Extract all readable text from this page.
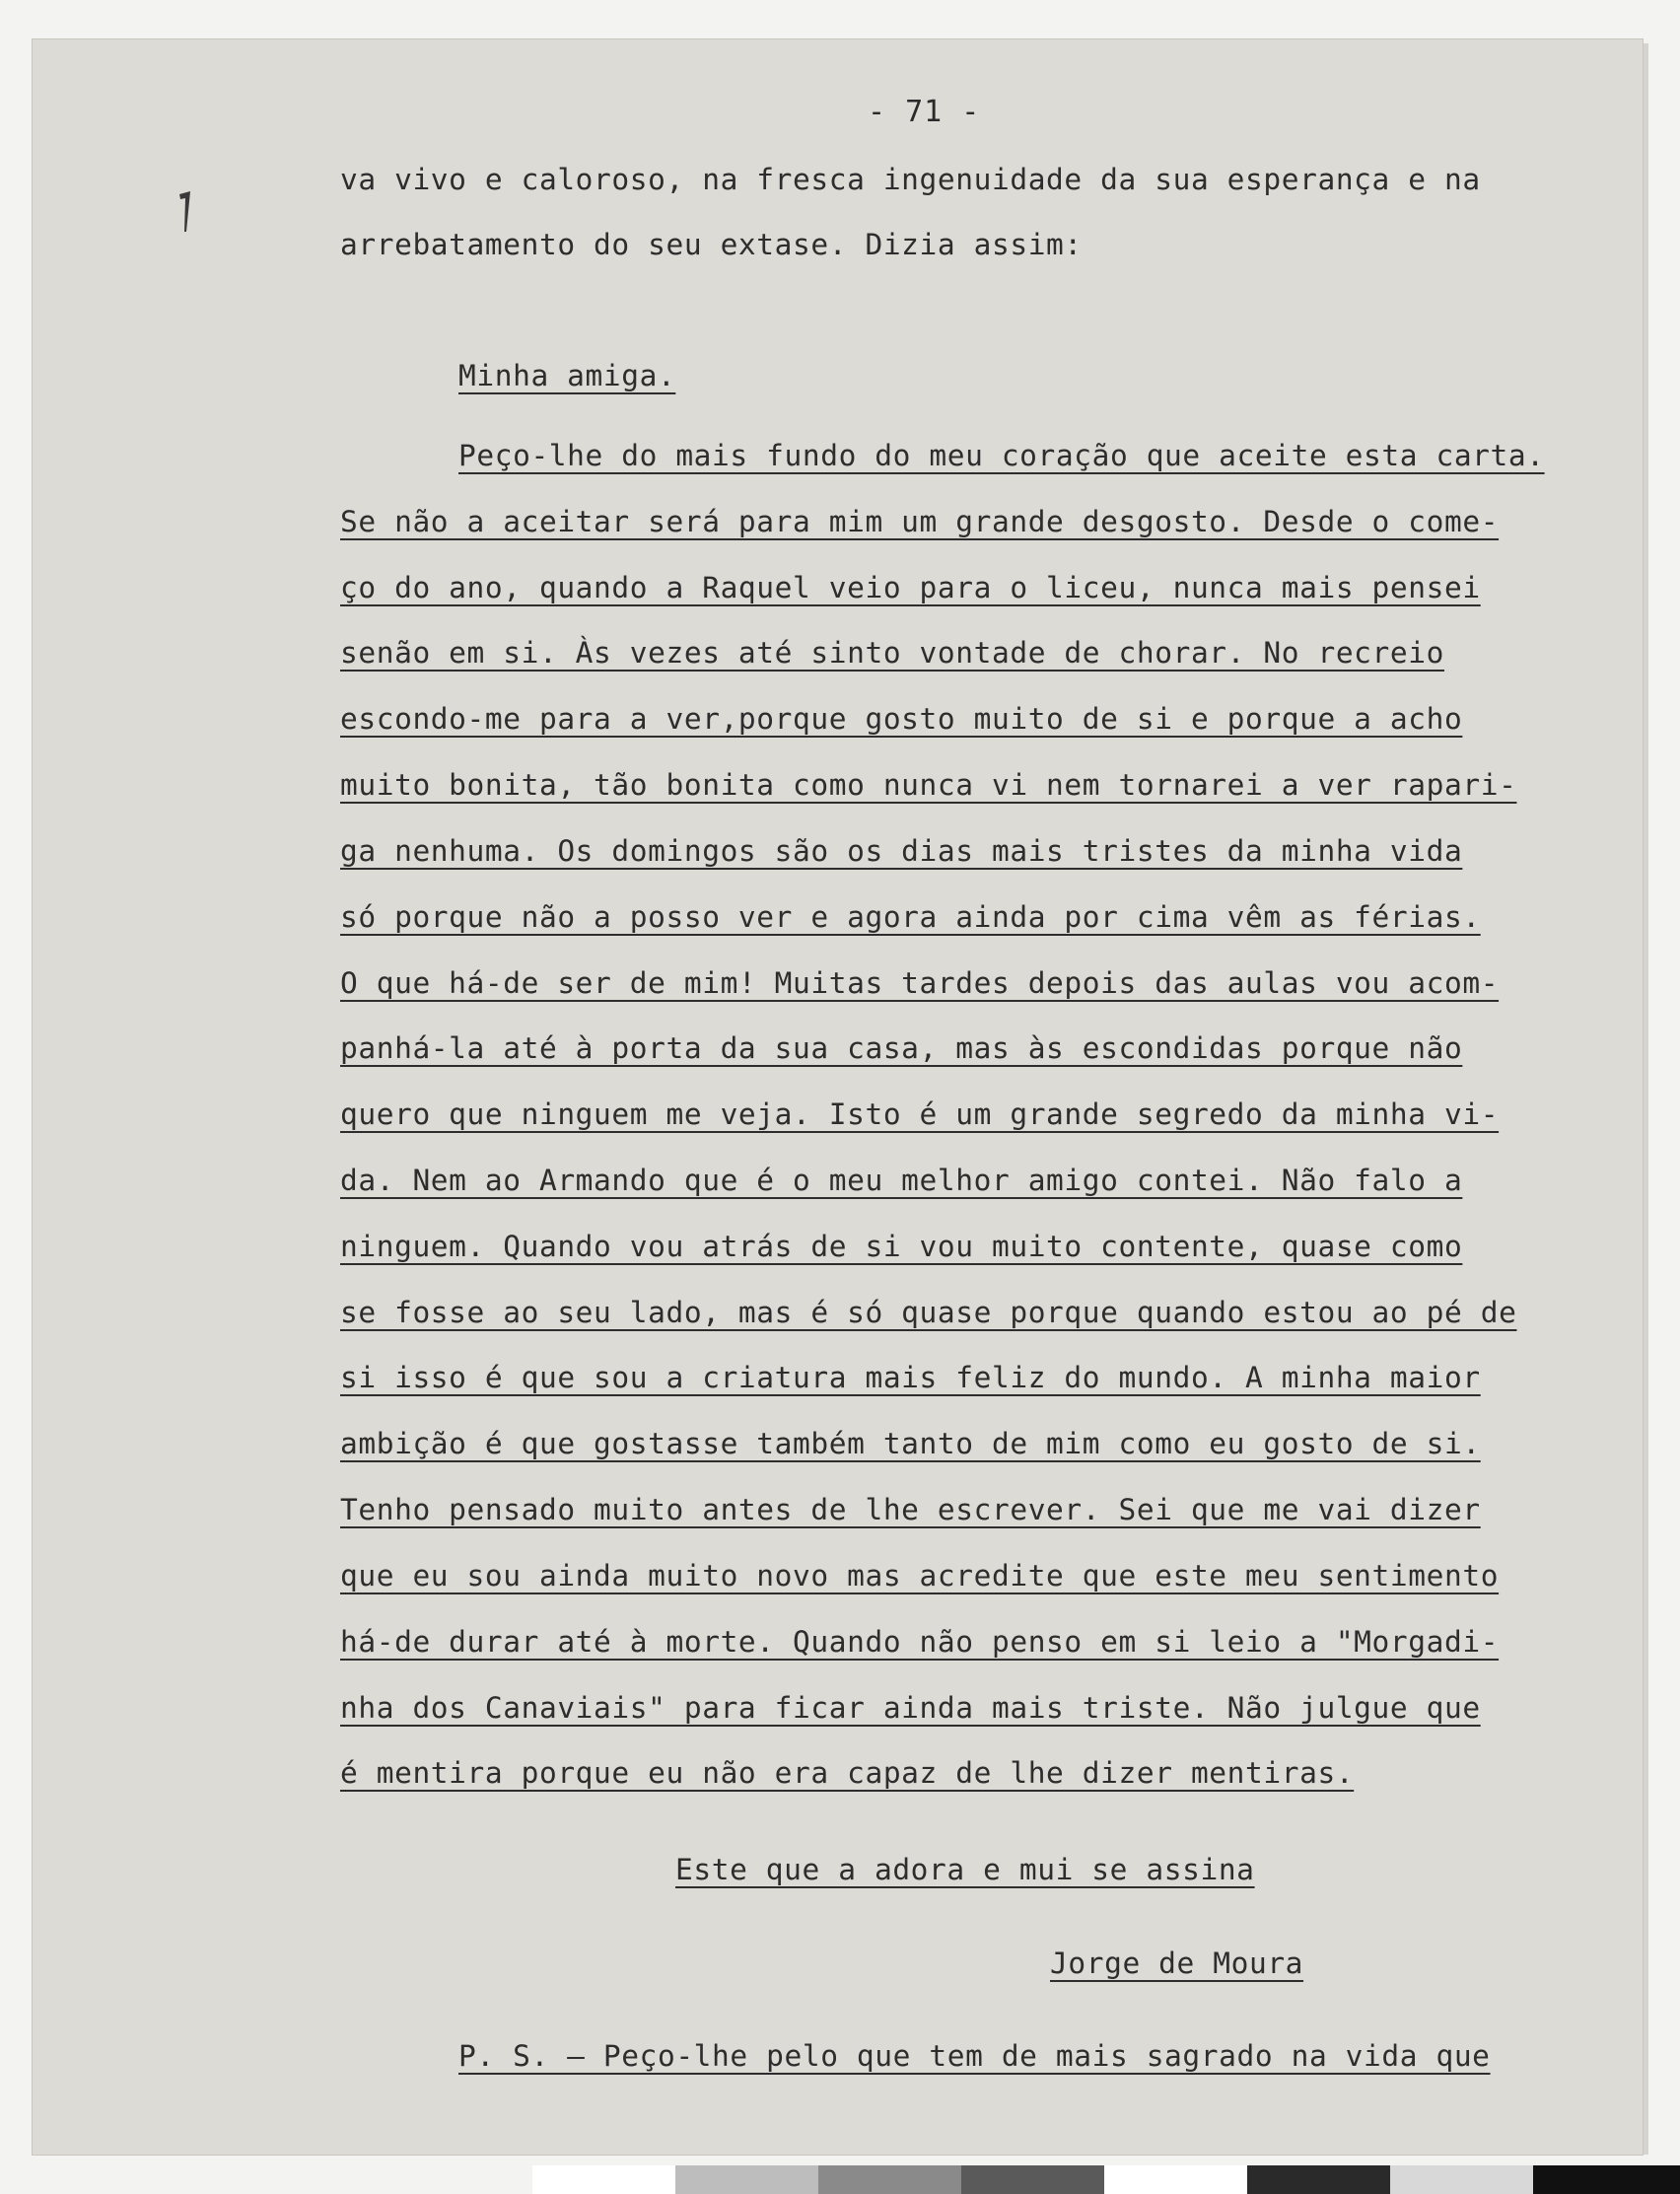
- 71 -
va vivo e caloroso, na fresca ingenuidade da sua esperança e na
arrebatamento do seu extase. Dizia assim:
Minha amiga.
Peço-lhe do mais fundo do meu coração que aceite esta carta.
Se não a aceitar será para mim um grande desgosto. Desde o come-
ço do ano, quando a Raquel veio para o liceu, nunca mais pensei
senão em si. Às vezes até sinto vontade de chorar. No recreio
escondo-me para a ver,porque gosto muito de si e porque a acho
muito bonita, tão bonita como nunca vi nem tornarei a ver rapari-
ga nenhuma. Os domingos são os dias mais tristes da minha vida
só porque não a posso ver e agora ainda por cima vêm as férias.
O que há-de ser de mim! Muitas tardes depois das aulas vou acom-
panhá-la até à porta da sua casa, mas às escondidas porque não
quero que ninguem me veja. Isto é um grande segredo da minha vi-
da. Nem ao Armando que é o meu melhor amigo contei. Não falo a
ninguem. Quando vou atrás de si vou muito contente, quase como
se fosse ao seu lado, mas é só quase porque quando estou ao pé de
si isso é que sou a criatura mais feliz do mundo. A minha maior
ambição é que gostasse também tanto de mim como eu gosto de si.
Tenho pensado muito antes de lhe escrever. Sei que me vai dizer
que eu sou ainda muito novo mas acredite que este meu sentimento
há-de durar até à morte. Quando não penso em si leio a "Morgadi-
nha dos Canaviais" para ficar ainda mais triste. Não julgue que
é mentira porque eu não era capaz de lhe dizer mentiras.
Este que a adora e mui se assina
Jorge de Moura
P. S. — Peço-lhe pelo que tem de mais sagrado na vida que
